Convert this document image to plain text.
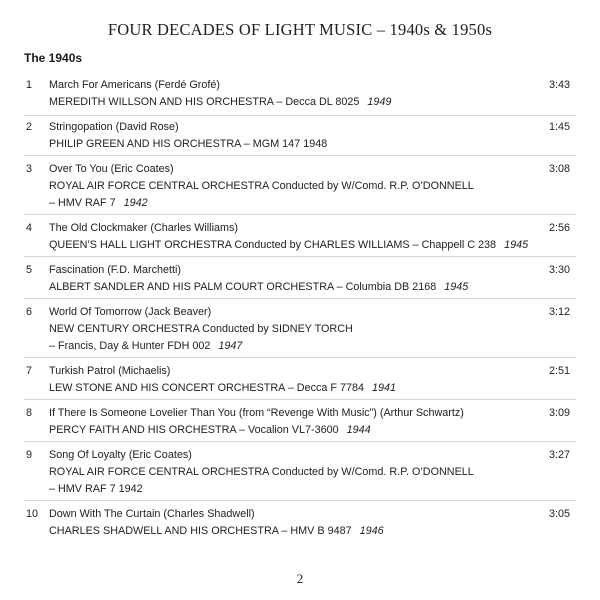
FOUR DECADES OF LIGHT MUSIC – 1940s & 1950s
The 1940s
1 March For Americans (Ferdé Grofé)
MEREDITH WILLSON AND HIS ORCHESTRA – Decca DL 8025 1949
3:43
2 Stringopation (David Rose)
PHILIP GREEN AND HIS ORCHESTRA – MGM 147 1948
1:45
3 Over To You (Eric Coates)
ROYAL AIR FORCE CENTRAL ORCHESTRA Conducted by W/Comd. R.P. O’DONNELL
– HMV RAF 7 1942
3:08
4 The Old Clockmaker (Charles Williams)
QUEEN’S HALL LIGHT ORCHESTRA Conducted by CHARLES WILLIAMS – Chappell C 238 1945
2:56
5 Fascination (F.D. Marchetti)
ALBERT SANDLER AND HIS PALM COURT ORCHESTRA – Columbia DB 2168 1945
3:30
6 World Of Tomorrow (Jack Beaver)
NEW CENTURY ORCHESTRA Conducted by SIDNEY TORCH
– Francis, Day & Hunter FDH 002 1947
3:12
7 Turkish Patrol (Michaelis)
LEW STONE AND HIS CONCERT ORCHESTRA – Decca F 7784 1941
2:51
8 If There Is Someone Lovelier Than You (from “Revenge With Music”) (Arthur Schwartz)
PERCY FAITH AND HIS ORCHESTRA – Vocalion VL7-3600 1944
3:09
9 Song Of Loyalty (Eric Coates)
ROYAL AIR FORCE CENTRAL ORCHESTRA Conducted by W/Comd. R.P. O’DONNELL
– HMV RAF 7 1942
3:27
10 Down With The Curtain (Charles Shadwell)
CHARLES SHADWELL AND HIS ORCHESTRA – HMV B 9487 1946
3:05
2
